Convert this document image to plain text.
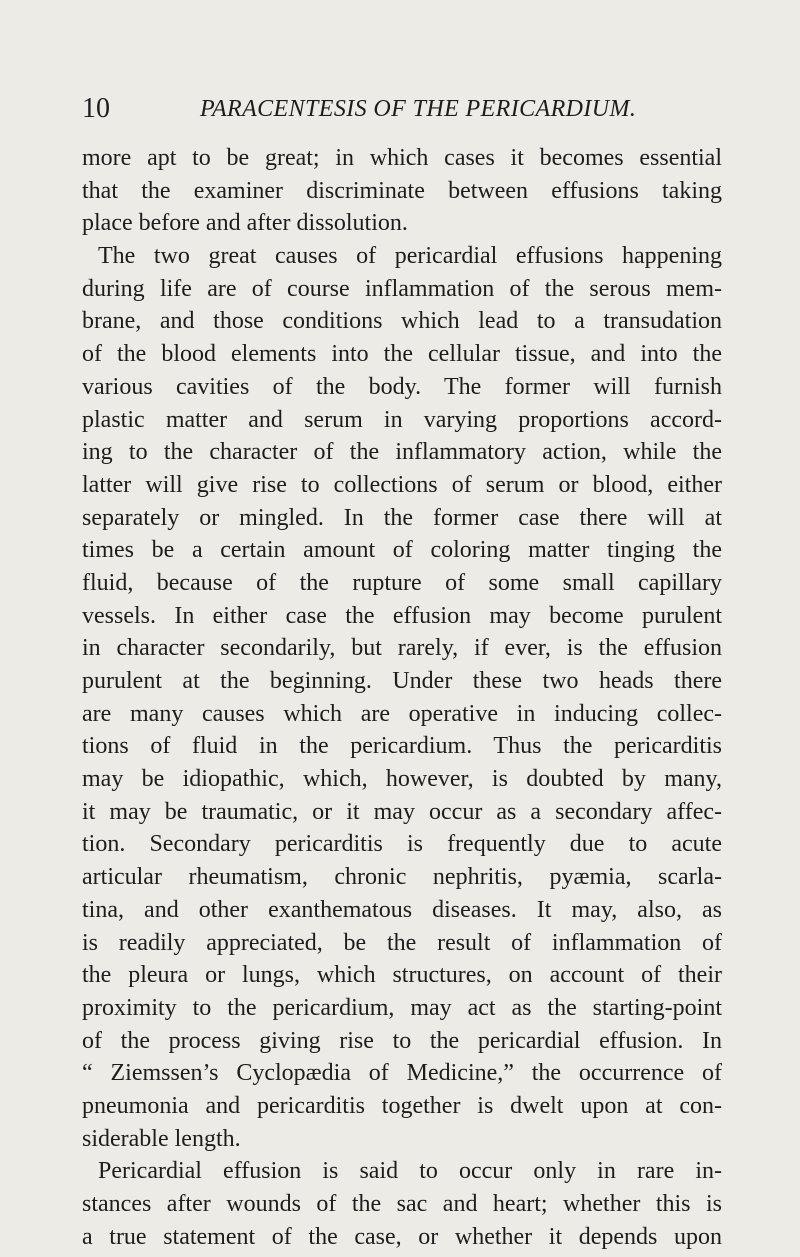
10	PARACENTESIS OF THE PERICARDIUM.
more apt to be great; in which cases it becomes essential
that the examiner discriminate between effusions taking
place before and after dissolution.
The two great causes of pericardial effusions happening
during life are of course inflammation of the serous mem-
brane, and those conditions which lead to a transudation
of the blood elements into the cellular tissue, and into the
various cavities of the body. The former will furnish
plastic matter and serum in varying proportions accord-
ing to the character of the inflammatory action, while the
latter will give rise to collections of serum or blood, either
separately or mingled. In the former case there will at
times be a certain amount of coloring matter tinging the
fluid, because of the rupture of some small capillary
vessels. In either case the effusion may become purulent
in character secondarily, but rarely, if ever, is the effusion
purulent at the beginning. Under these two heads there
are many causes which are operative in inducing collec-
tions of fluid in the pericardium. Thus the pericarditis
may be idiopathic, which, however, is doubted by many,
it may be traumatic, or it may occur as a secondary affec-
tion. Secondary pericarditis is frequently due to acute
articular rheumatism, chronic nephritis, pyæmia, scarla-
tina, and other exanthematous diseases. It may, also, as
is readily appreciated, be the result of inflammation of
the pleura or lungs, which structures, on account of their
proximity to the pericardium, may act as the starting-point
of the process giving rise to the pericardial effusion. In
“ Ziemssen’s Cyclopædia of Medicine,” the occurrence of
pneumonia and pericarditis together is dwelt upon at con-
siderable length.
Pericardial effusion is said to occur only in rare in-
stances after wounds of the sac and heart; whether this is
a true statement of the case, or whether it depends upon
